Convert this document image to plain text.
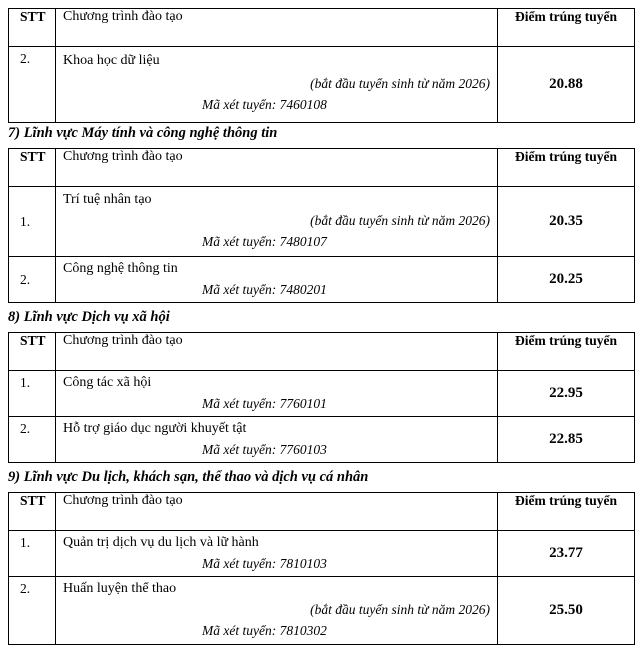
STT	Chương trình đào tạo	Điểm trúng tuyển
2.	Khoa học dữ liệu
(bắt đầu tuyển sinh từ năm 2026)
Mã xét tuyển: 7460108	20.88
7) Lĩnh vực Máy tính và công nghệ thông tin
STT	Chương trình đào tạo	Điểm trúng tuyển
1.	Trí tuệ nhân tạo
(bắt đầu tuyển sinh từ năm 2026)
Mã xét tuyển: 7480107	20.35
2.	Công nghệ thông tin
Mã xét tuyển: 7480201	20.25
8) Lĩnh vực Dịch vụ xã hội
STT	Chương trình đào tạo	Điểm trúng tuyển
1.	Công tác xã hội
Mã xét tuyển: 7760101	22.95
2.	Hỗ trợ giáo dục người khuyết tật
Mã xét tuyển: 7760103	22.85
9) Lĩnh vực Du lịch, khách sạn, thể thao và dịch vụ cá nhân
STT	Chương trình đào tạo	Điểm trúng tuyển
1.	Quản trị dịch vụ du lịch và lữ hành
Mã xét tuyển: 7810103	23.77
2.	Huấn luyện thể thao
(bắt đầu tuyển sinh từ năm 2026)
Mã xét tuyển: 7810302	25.50
